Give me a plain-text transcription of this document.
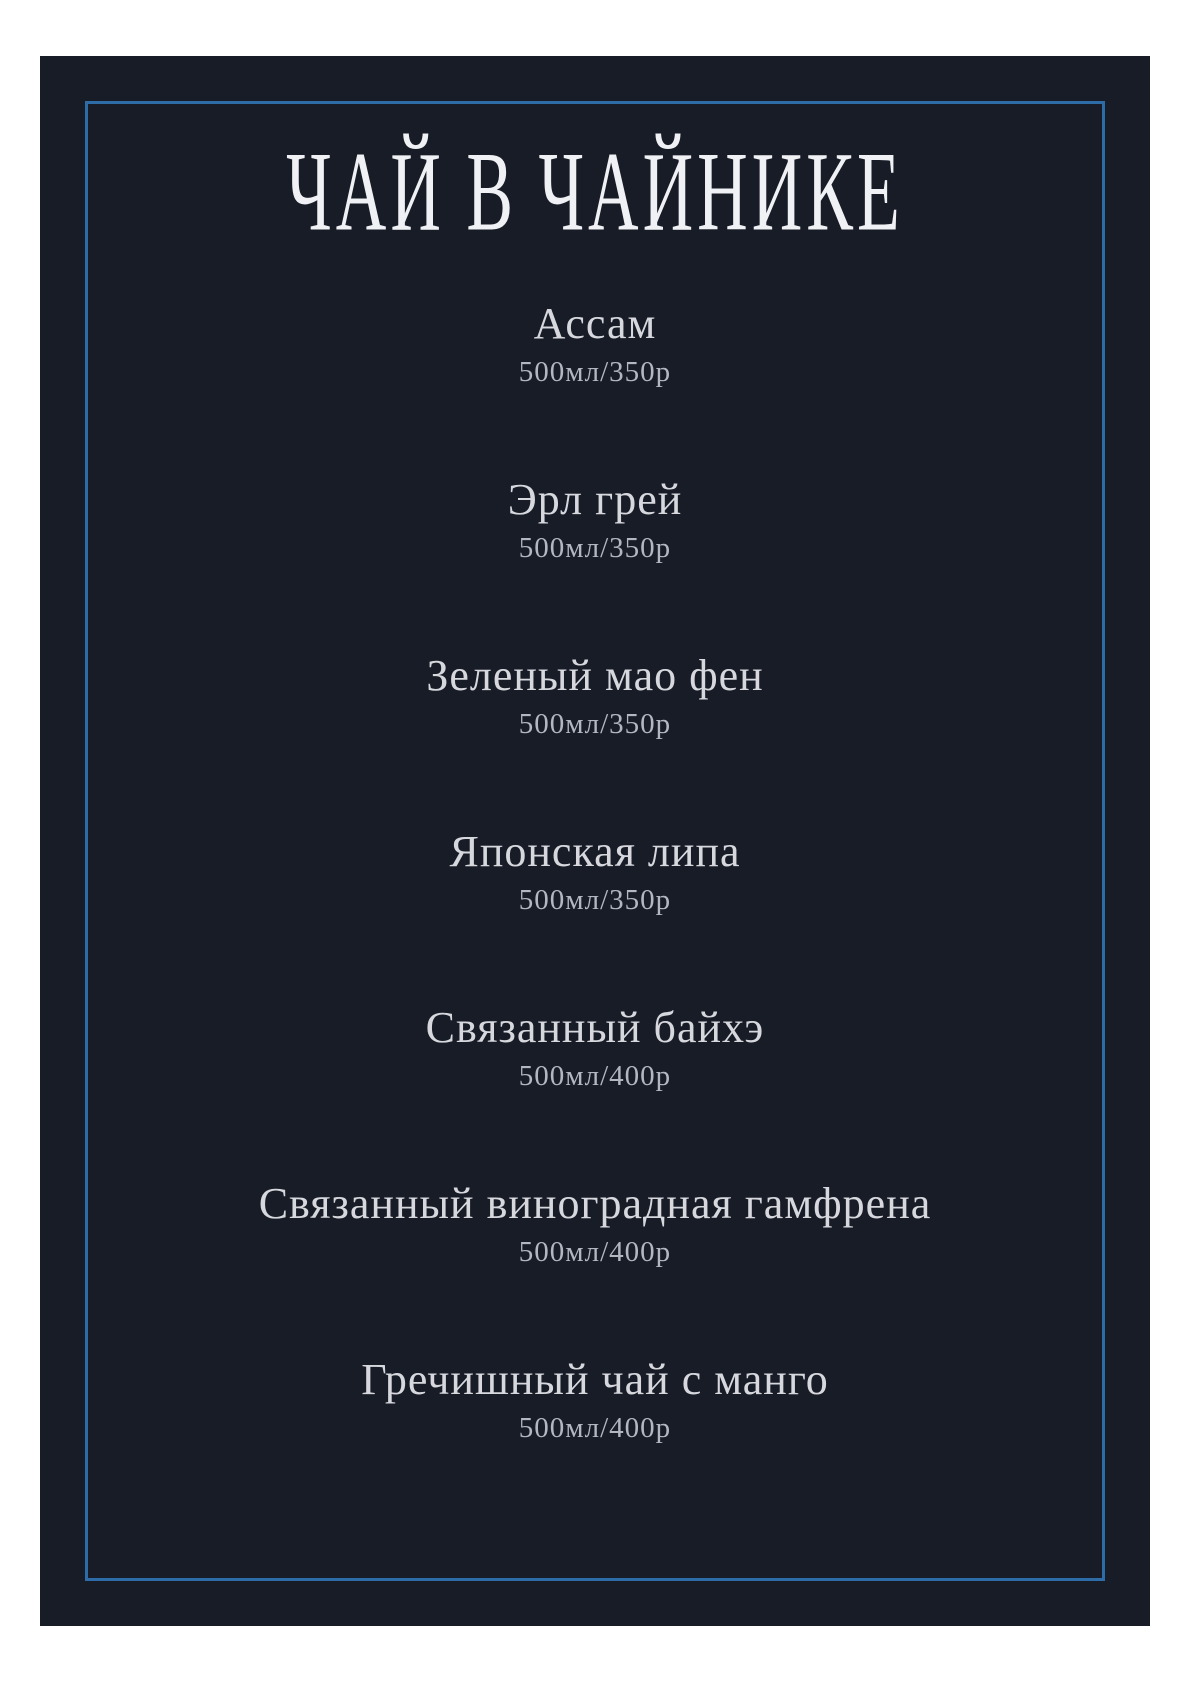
ЧАЙ В ЧАЙНИКЕ
Ассам
500мл/350р
Эрл грей
500мл/350р
Зеленый мао фен
500мл/350р
Японская липа
500мл/350р
Связанный байхэ
500мл/400р
Связанный виноградная гамфрена
500мл/400р
Гречишный чай с манго
500мл/400р
